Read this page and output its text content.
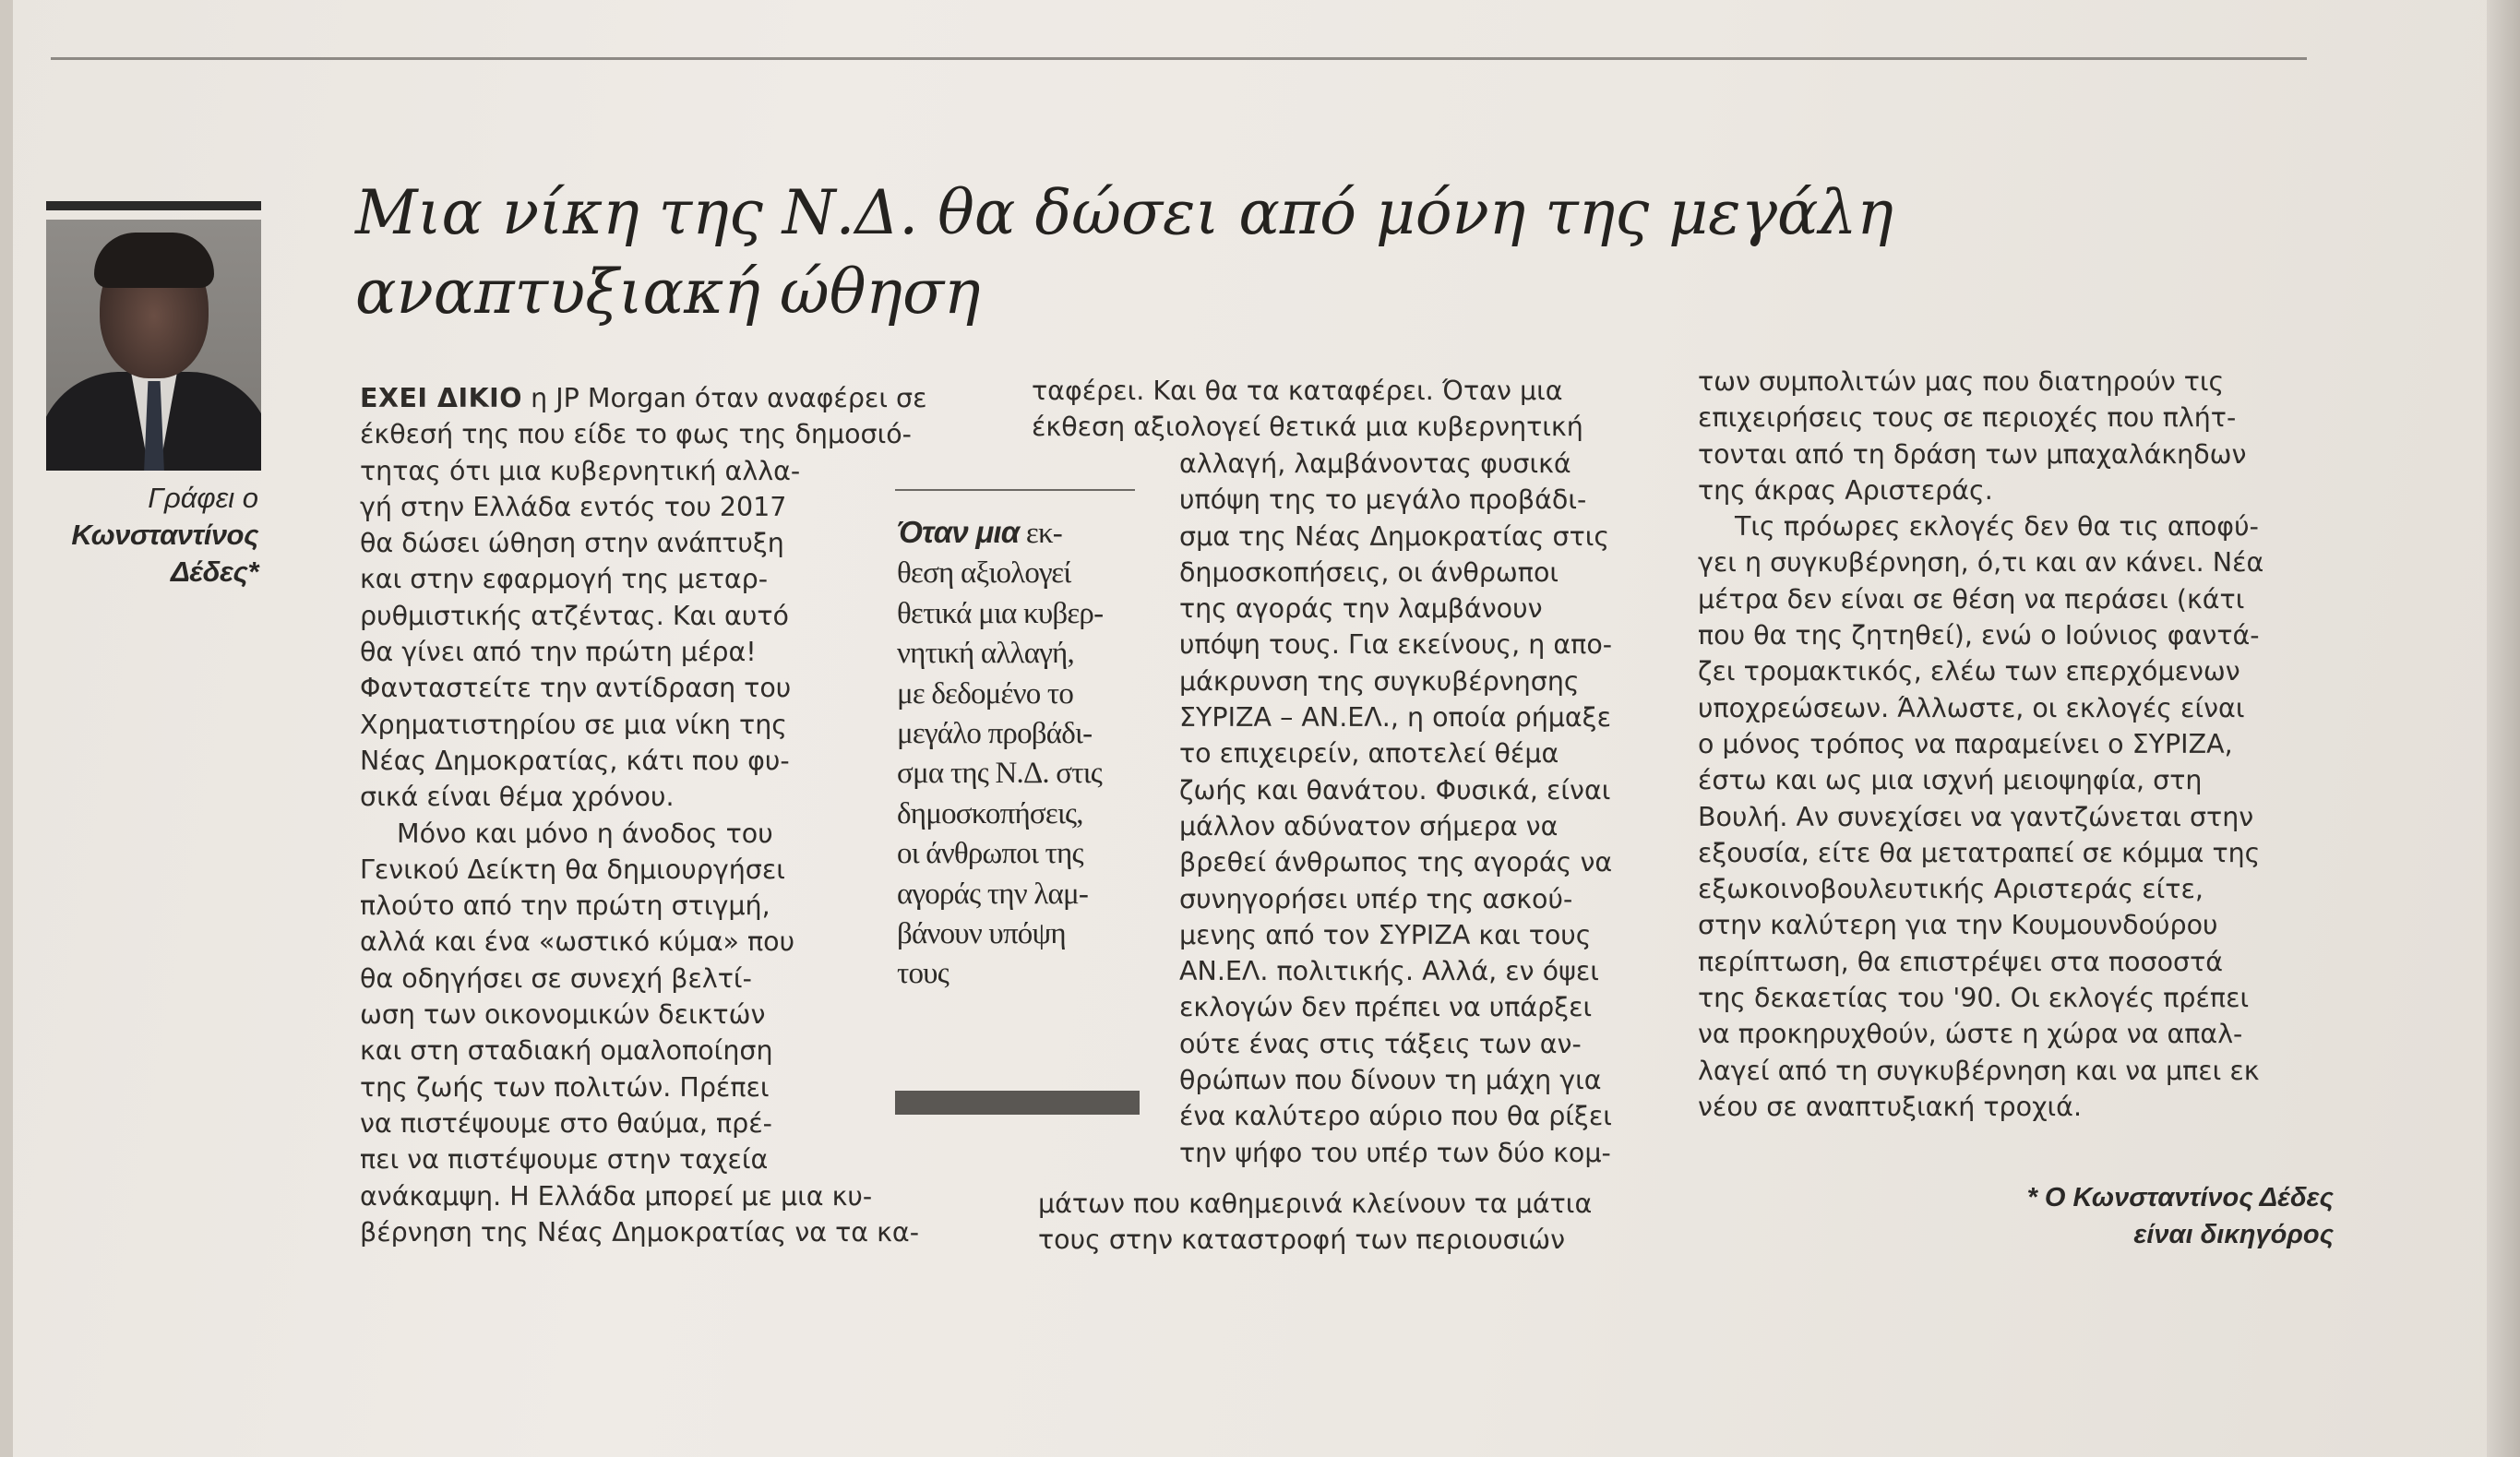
Γράφει ο
Κωνσταντίνος
Δέδες*
Μια νίκη της Ν.Δ. θα δώσει από μόνη της μεγάλη αναπτυξιακή ώθηση

ΕΧΕΙ ΔΙΚΙΟ η JP Morgan όταν αναφέρει σε
έκθεσή της που είδε το φως της δημοσιό-
τητας ότι μια κυβερνητική αλλα-
γή στην Ελλάδα εντός του 2017
θα δώσει ώθηση στην ανάπτυξη
και στην εφαρμογή της μεταρ-
ρυθμιστικής ατζέντας. Και αυτό
θα γίνει από την πρώτη μέρα!
Φανταστείτε την αντίδραση του
Χρηματιστηρίου σε μια νίκη της
Νέας Δημοκρατίας, κάτι που φυ-
σικά είναι θέμα χρόνου.

Μόνο και μόνο η άνοδος του
Γενικού Δείκτη θα δημιουργήσει
πλούτο από την πρώτη στιγμή,
αλλά και ένα «ωστικό κύμα» που
θα οδηγήσει σε συνεχή βελτί-
ωση των οικονομικών δεικτών
και στη σταδιακή ομαλοποίηση
της ζωής των πολιτών. Πρέπει
να πιστέψουμε στο θαύμα, πρέ-
πει να πιστέψουμε στην ταχεία
ανάκαμψη. Η Ελλάδα μπορεί με μια κυ-
βέρνηση της Νέας Δημοκρατίας να τα κα-

ταφέρει. Και θα τα καταφέρει. Όταν μια
έκθεση αξιολογεί θετικά μια κυβερνητική
αλλαγή, λαμβάνοντας φυσικά
υπόψη της το μεγάλο προβάδι-
σμα της Νέας Δημοκρατίας στις
δημοσκοπήσεις, οι άνθρωποι
της αγοράς την λαμβάνουν
υπόψη τους. Για εκείνους, η απο-
μάκρυνση της συγκυβέρνησης
ΣΥΡΙΖΑ – ΑΝ.ΕΛ., η οποία ρήμαξε
το επιχειρείν, αποτελεί θέμα
ζωής και θανάτου. Φυσικά, είναι
μάλλον αδύνατον σήμερα να
βρεθεί άνθρωπος της αγοράς να
συνηγορήσει υπέρ της ασκού-
μενης από τον ΣΥΡΙΖΑ και τους
ΑΝ.ΕΛ. πολιτικής. Αλλά, εν όψει
εκλογών δεν πρέπει να υπάρξει
ούτε ένας στις τάξεις των αν-
θρώπων που δίνουν τη μάχη για
ένα καλύτερο αύριο που θα ρίξει
την ψήφο του υπέρ των δύο κομ-
μάτων που καθημερινά κλείνουν τα μάτια
τους στην καταστροφή των περιουσιών
Όταν μια εκ-
θεση αξιολογεί
θετικά μια κυβερ-
νητική αλλαγή,
με δεδομένο το
μεγάλο προβάδι-
σμα της Ν.Δ. στις
δημοσκοπήσεις,
οι άνθρωποι της
αγοράς την λαμ-
βάνουν υπόψη
τους

των συμπολιτών μας που διατηρούν τις
επιχειρήσεις τους σε περιοχές που πλήτ-
τονται από τη δράση των μπαχαλάκηδων
της άκρας Αριστεράς.

Τις πρόωρες εκλογές δεν θα τις αποφύ-
γει η συγκυβέρνηση, ό,τι και αν κάνει. Νέα
μέτρα δεν είναι σε θέση να περάσει (κάτι
που θα της ζητηθεί), ενώ ο Ιούνιος φαντά-
ζει τρομακτικός, ελέω των επερχόμενων
υποχρεώσεων. Άλλωστε, οι εκλογές είναι
ο μόνος τρόπος να παραμείνει ο ΣΥΡΙΖΑ,
έστω και ως μια ισχνή μειοψηφία, στη
Βουλή. Αν συνεχίσει να γαντζώνεται στην
εξουσία, είτε θα μετατραπεί σε κόμμα της
εξωκοινοβουλευτικής Αριστεράς είτε,
στην καλύτερη για την Κουμουνδούρου
περίπτωση, θα επιστρέψει στα ποσοστά
της δεκαετίας του '90. Οι εκλογές πρέπει
να προκηρυχθούν, ώστε η χώρα να απαλ-
λαγεί από τη συγκυβέρνηση και να μπει εκ
νέου σε αναπτυξιακή τροχιά.

* Ο Κωνσταντίνος Δέδες
είναι δικηγόρος
